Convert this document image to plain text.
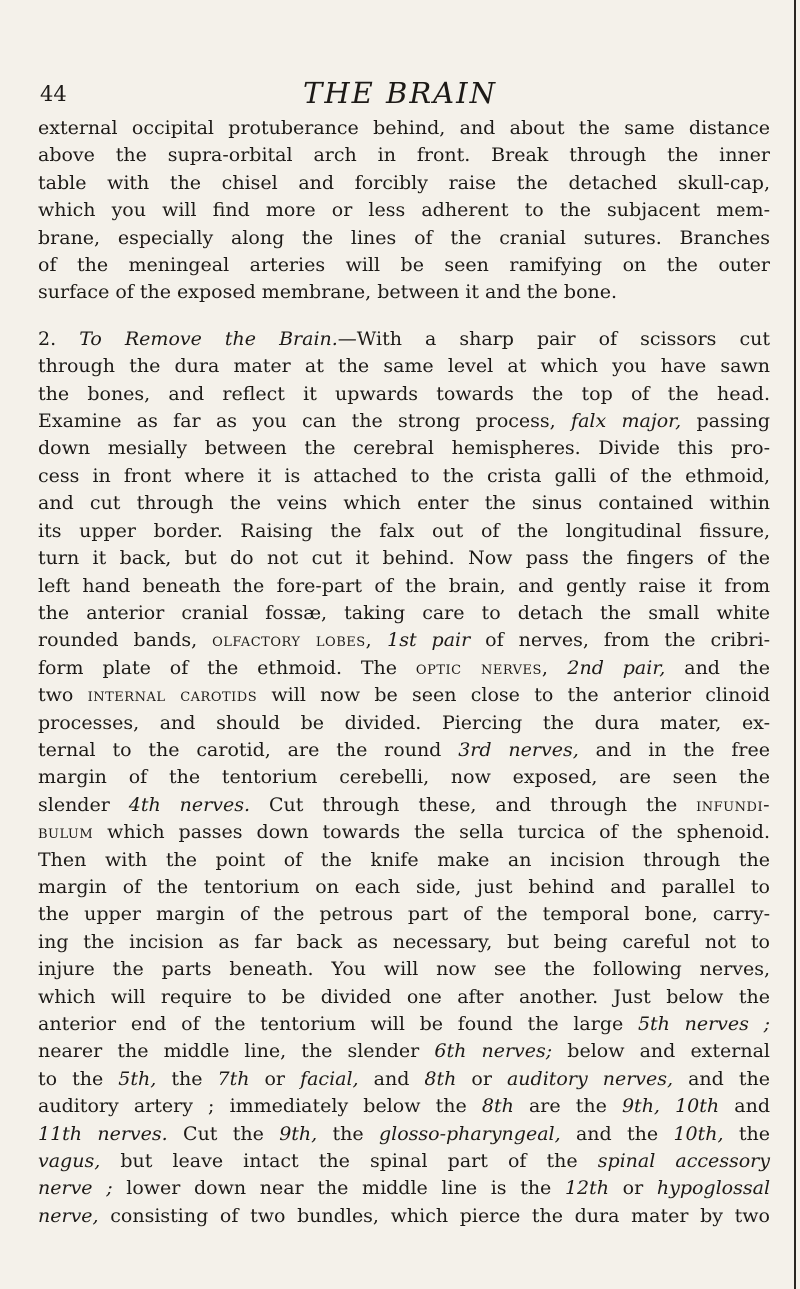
44	THE BRAIN
external occipital protuberance behind, and about the same distance
above the supra-orbital arch in front. Break through the inner
table with the chisel and forcibly raise the detached skull-cap,
which you will find more or less adherent to the subjacent mem-
brane, especially along the lines of the cranial sutures. Branches
of the meningeal arteries will be seen ramifying on the outer
surface of the exposed membrane, between it and the bone.
2. To Remove the Brain.—With a sharp pair of scissors cut
through the dura mater at the same level at which you have sawn
the bones, and reflect it upwards towards the top of the head.
Examine as far as you can the strong process, falx major, passing
down mesially between the cerebral hemispheres. Divide this pro-
cess in front where it is attached to the crista galli of the ethmoid,
and cut through the veins which enter the sinus contained within
its upper border. Raising the falx out of the longitudinal fissure,
turn it back, but do not cut it behind. Now pass the fingers of the
left hand beneath the fore-part of the brain, and gently raise it from
the anterior cranial fossæ, taking care to detach the small white
rounded bands, olfactory lobes, 1st pair of nerves, from the cribri-
form plate of the ethmoid. The optic nerves, 2nd pair, and the
two internal carotids will now be seen close to the anterior clinoid
processes, and should be divided. Piercing the dura mater, ex-
ternal to the carotid, are the round 3rd nerves, and in the free
margin of the tentorium cerebelli, now exposed, are seen the
slender 4th nerves. Cut through these, and through the infundi-
bulum which passes down towards the sella turcica of the sphenoid.
Then with the point of the knife make an incision through the
margin of the tentorium on each side, just behind and parallel to
the upper margin of the petrous part of the temporal bone, carry-
ing the incision as far back as necessary, but being careful not to
injure the parts beneath. You will now see the following nerves,
which will require to be divided one after another. Just below the
anterior end of the tentorium will be found the large 5th nerves ;
nearer the middle line, the slender 6th nerves; below and external
to the 5th, the 7th or facial, and 8th or auditory nerves, and the
auditory artery ; immediately below the 8th are the 9th, 10th and
11th nerves. Cut the 9th, the glosso-pharyngeal, and the 10th, the
vagus, but leave intact the spinal part of the spinal accessory
nerve ; lower down near the middle line is the 12th or hypoglossal
nerve, consisting of two bundles, which pierce the dura mater by two
